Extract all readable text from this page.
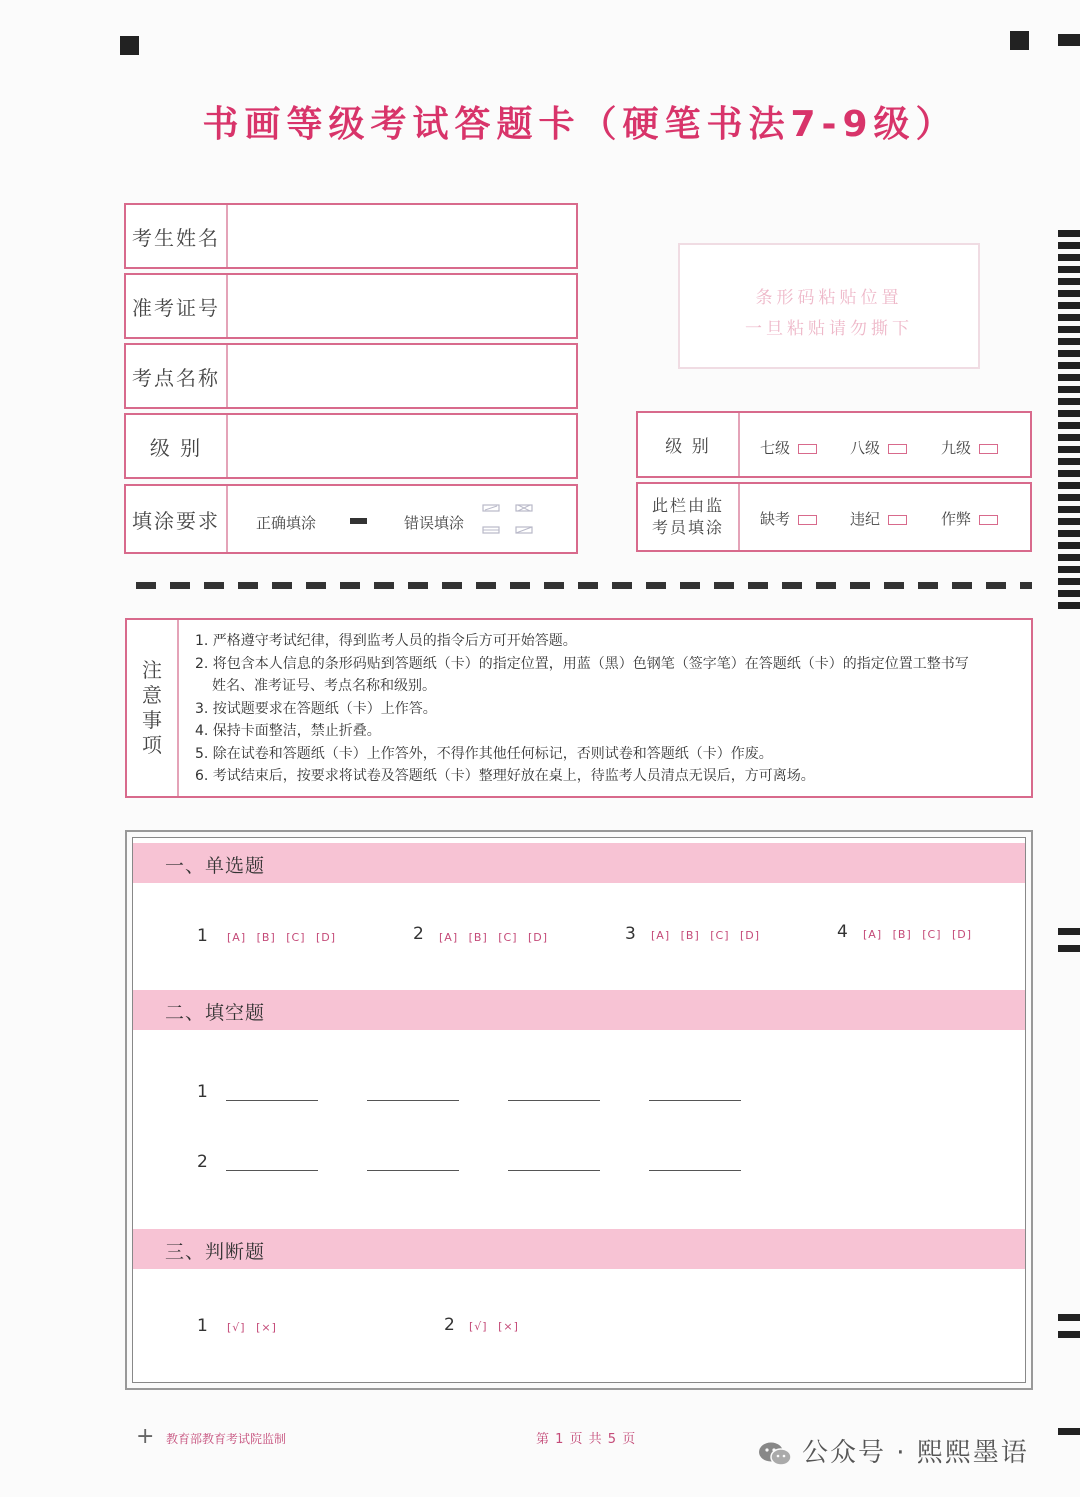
书画等级考试答题卡（硬笔书法7-9级）
考生姓名
准考证号
考点名称
级 别
填涂要求	正确填涂	错误填涂
条形码粘贴位置
一旦粘贴请勿撕下
级 别	七级	八级	九级
此栏由监
考员填涂 缺考	违纪	作弊
注
意
事
项
1. 严格遵守考试纪律，得到监考人员的指令后方可开始答题。
2. 将包含本人信息的条形码贴到答题纸（卡）的指定位置，用蓝（黑）色钢笔（签字笔）在答题纸（卡）的指定位置工整书写
姓名、准考证号、考点名称和级别。
3. 按试题要求在答题纸（卡）上作答。
4. 保持卡面整洁，禁止折叠。
5. 除在试卷和答题纸（卡）上作答外，不得作其他任何标记，否则试卷和答题纸（卡）作废。
6. 考试结束后，按要求将试卷及答题纸（卡）整理好放在桌上，待监考人员清点无误后，方可离场。
一、单选题
1 [A] [B] [C] [D]	2 [A] [B] [C] [D]	3 [A] [B] [C] [D]	4 [A] [B] [C] [D]
二、填空题
1
2
三、判断题
1 [√] [×]	2 [√] [×]
+ 教育部教育考试院监制	第 1 页 共 5 页	公众号 · 熙熙墨语
